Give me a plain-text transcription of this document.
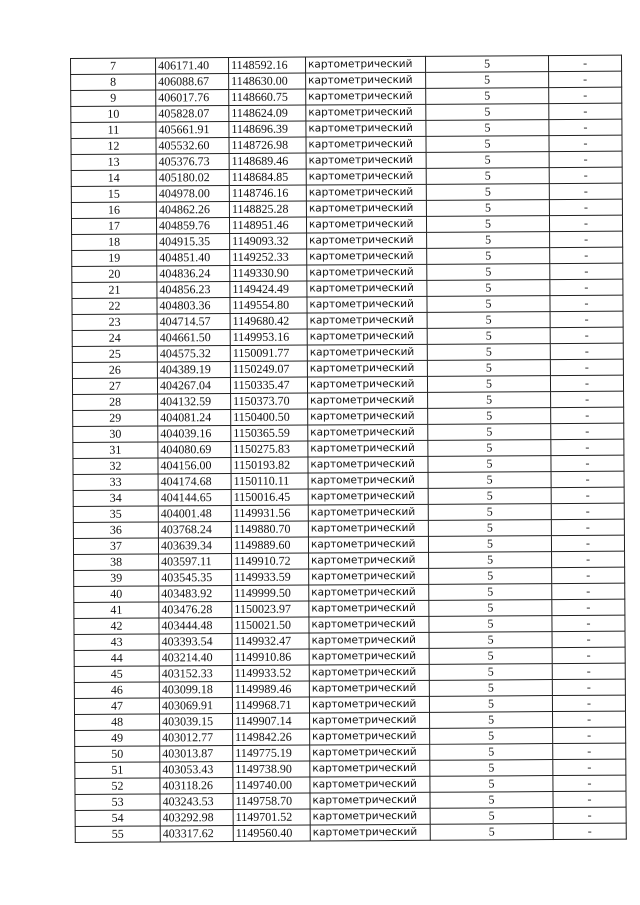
7	406171.40	1148592.16	картометрический	5	-
8	406088.67	1148630.00	картометрический	5	-
9	406017.76	1148660.75	картометрический	5	-
10	405828.07	1148624.09	картометрический	5	-
11	405661.91	1148696.39	картометрический	5	-
12	405532.60	1148726.98	картометрический	5	-
13	405376.73	1148689.46	картометрический	5	-
14	405180.02	1148684.85	картометрический	5	-
15	404978.00	1148746.16	картометрический	5	-
16	404862.26	1148825.28	картометрический	5	-
17	404859.76	1148951.46	картометрический	5	-
18	404915.35	1149093.32	картометрический	5	-
19	404851.40	1149252.33	картометрический	5	-
20	404836.24	1149330.90	картометрический	5	-
21	404856.23	1149424.49	картометрический	5	-
22	404803.36	1149554.80	картометрический	5	-
23	404714.57	1149680.42	картометрический	5	-
24	404661.50	1149953.16	картометрический	5	-
25	404575.32	1150091.77	картометрический	5	-
26	404389.19	1150249.07	картометрический	5	-
27	404267.04	1150335.47	картометрический	5	-
28	404132.59	1150373.70	картометрический	5	-
29	404081.24	1150400.50	картометрический	5	-
30	404039.16	1150365.59	картометрический	5	-
31	404080.69	1150275.83	картометрический	5	-
32	404156.00	1150193.82	картометрический	5	-
33	404174.68	1150110.11	картометрический	5	-
34	404144.65	1150016.45	картометрический	5	-
35	404001.48	1149931.56	картометрический	5	-
36	403768.24	1149880.70	картометрический	5	-
37	403639.34	1149889.60	картометрический	5	-
38	403597.11	1149910.72	картометрический	5	-
39	403545.35	1149933.59	картометрический	5	-
40	403483.92	1149999.50	картометрический	5	-
41	403476.28	1150023.97	картометрический	5	-
42	403444.48	1150021.50	картометрический	5	-
43	403393.54	1149932.47	картометрический	5	-
44	403214.40	1149910.86	картометрический	5	-
45	403152.33	1149933.52	картометрический	5	-
46	403099.18	1149989.46	картометрический	5	-
47	403069.91	1149968.71	картометрический	5	-
48	403039.15	1149907.14	картометрический	5	-
49	403012.77	1149842.26	картометрический	5	-
50	403013.87	1149775.19	картометрический	5	-
51	403053.43	1149738.90	картометрический	5	-
52	403118.26	1149740.00	картометрический	5	-
53	403243.53	1149758.70	картометрический	5	-
54	403292.98	1149701.52	картометрический	5	-
55	403317.62	1149560.40	картометрический	5	-
